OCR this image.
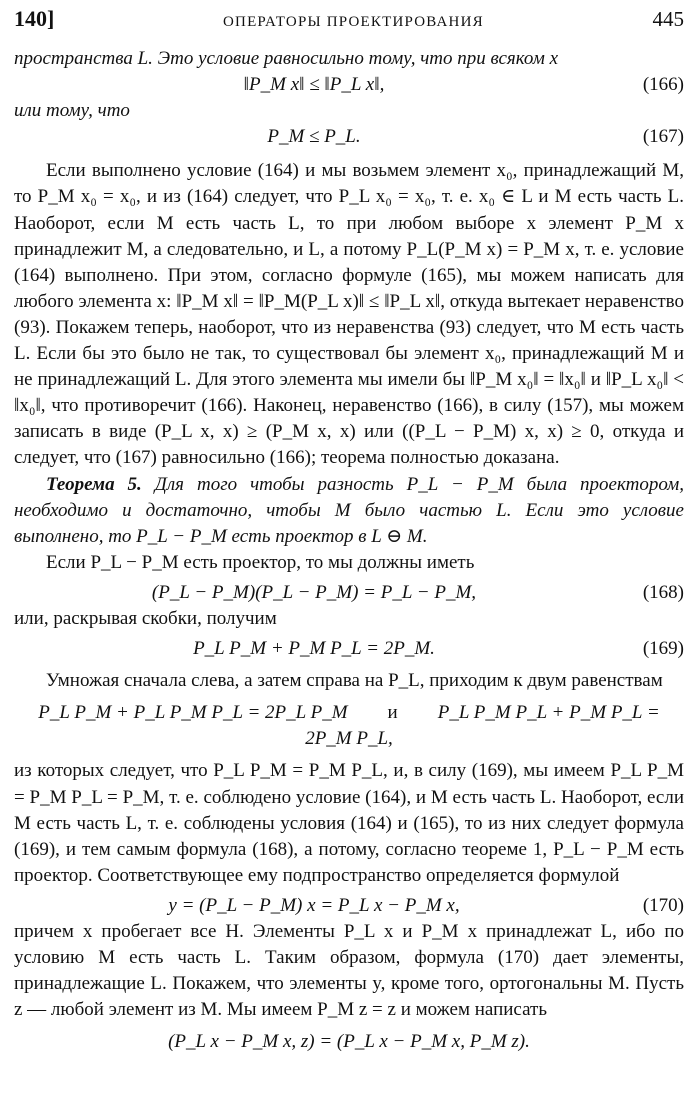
140]	ОПЕРАТОРЫ ПРОЕКТИРОВАНИЯ	445

пространства L. Это условие равносильно тому, что при всяком x

‖P_M x‖ ≤ ‖P_L x‖,	(166)

или тому, что

P_M ≤ P_L.	(167)

Если выполнено условие (164) и мы возьмем элемент x₀, принадлежащий M, то P_M x₀ = x₀, и из (164) следует, что P_L x₀ = x₀, т. е. x₀ ∈ L и M есть часть L. Наоборот, если M есть часть L, то при любом выборе x элемент P_M x принадлежит M, а следовательно, и L, а потому P_L(P_M x) = P_M x, т. е. условие (164) выполнено. При этом, согласно формуле (165), мы можем написать для любого элемента x: ‖P_M x‖ = ‖P_M(P_L x)‖ ≤ ‖P_L x‖, откуда вытекает неравенство (93). Покажем теперь, наоборот, что из неравенства (93) следует, что M есть часть L. Если бы это было не так, то существовал бы элемент x₀, принадлежащий M и не принадлежащий L. Для этого элемента мы имели бы ‖P_M x₀‖ = ‖x₀‖ и ‖P_L x₀‖ < ‖x₀‖, что противоречит (166). Наконец, неравенство (166), в силу (157), мы можем записать в виде (P_L x, x) ≥ (P_M x, x) или ((P_L − P_M) x, x) ≥ 0, откуда и следует, что (167) равносильно (166); теорема полностью доказана.

Теорема 5. Для того чтобы разность P_L − P_M была проектором, необходимо и достаточно, чтобы M было частью L. Если это условие выполнено, то P_L − P_M есть проектор в L ⊖ M.

Если P_L − P_M есть проектор, то мы должны иметь

(P_L − P_M)(P_L − P_M) = P_L − P_M,	(168)

или, раскрывая скобки, получим

P_L P_M + P_M P_L = 2P_M.	(169)

Умножая сначала слева, а затем справа на P_L, приходим к двум равенствам

P_L P_M + P_L P_M P_L = 2P_L P_M и P_L P_M P_L + P_M P_L = 2P_M P_L,

из которых следует, что P_L P_M = P_M P_L, и, в силу (169), мы имеем P_L P_M = P_M P_L = P_M, т. е. соблюдено условие (164), и M есть часть L. Наоборот, если M есть часть L, т. е. соблюдены условия (164) и (165), то из них следует формула (169), и тем самым формула (168), а потому, согласно теореме 1, P_L − P_M есть проектор. Соответствующее ему подпространство определяется формулой

y = (P_L − P_M) x = P_L x − P_M x,	(170)

причем x пробегает все H. Элементы P_L x и P_M x принадлежат L, ибо по условию M есть часть L. Таким образом, формула (170) дает элементы, принадлежащие L. Покажем, что элементы y, кроме того, ортогональны M. Пусть z — любой элемент из M. Мы имеем P_M z = z и можем написать

(P_L x − P_M x, z) = (P_L x − P_M x, P_M z).
